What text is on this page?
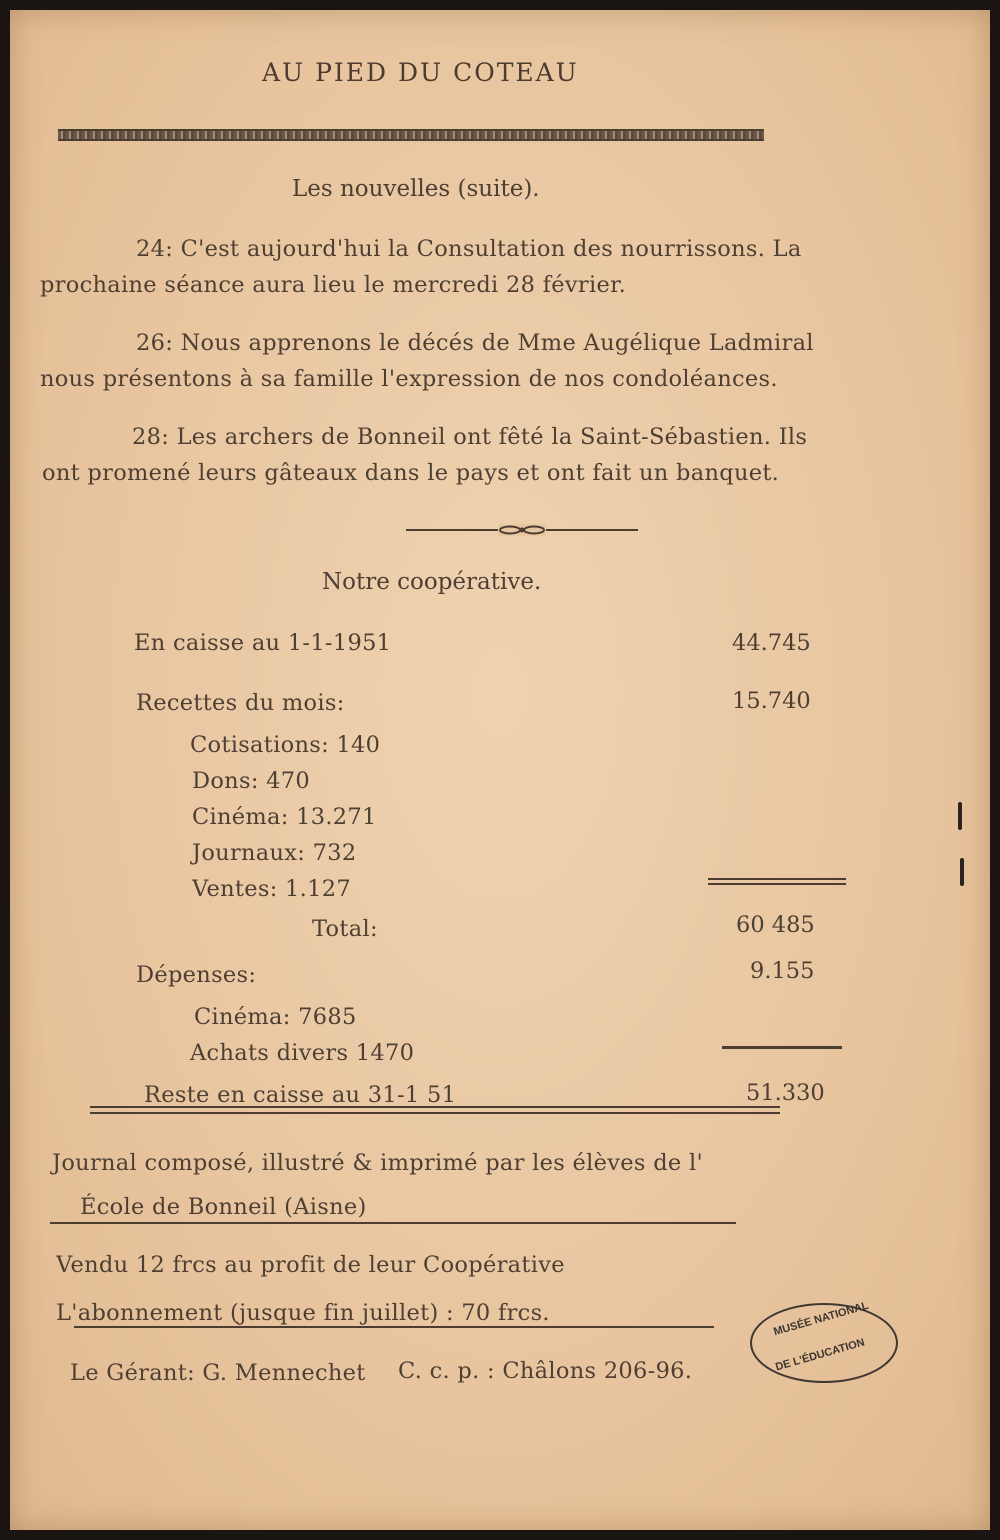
AU PIED DU COTEAU
Les nouvelles (suite).
24: C'est aujourd'hui la Consultation des nourrissons. La
prochaine séance aura lieu le mercredi 28 février.
26: Nous apprenons le décés de Mme Augélique Ladmiral
nous présentons à sa famille l'expression de nos condoléances.
28: Les archers de Bonneil ont fêté la Saint-Sébastien. Ils
ont promené leurs gâteaux dans le pays et ont fait un banquet.
Notre coopérative.
En caisse au 1-1-1951	44.745
Recettes du mois:	15.740
Cotisations: 140
Dons: 470
Cinéma: 13.271
Journaux: 732
Ventes: 1.127
Total:	60 485
Dépenses:	9.155
Cinéma: 7685
Achats divers 1470
Reste en caisse au 31-1 51	51.330
Journal composé, illustré & imprimé par les élèves de l'
École de Bonneil (Aisne)
Vendu 12 frcs au profit de leur Coopérative
L'abonnement (jusque fin juillet) : 70 frcs.
Le Gérant: G. Mennechet C. c. p. : Châlons 206-96.
MUSÉE NATIONAL
DE L'ÉDUCATION
